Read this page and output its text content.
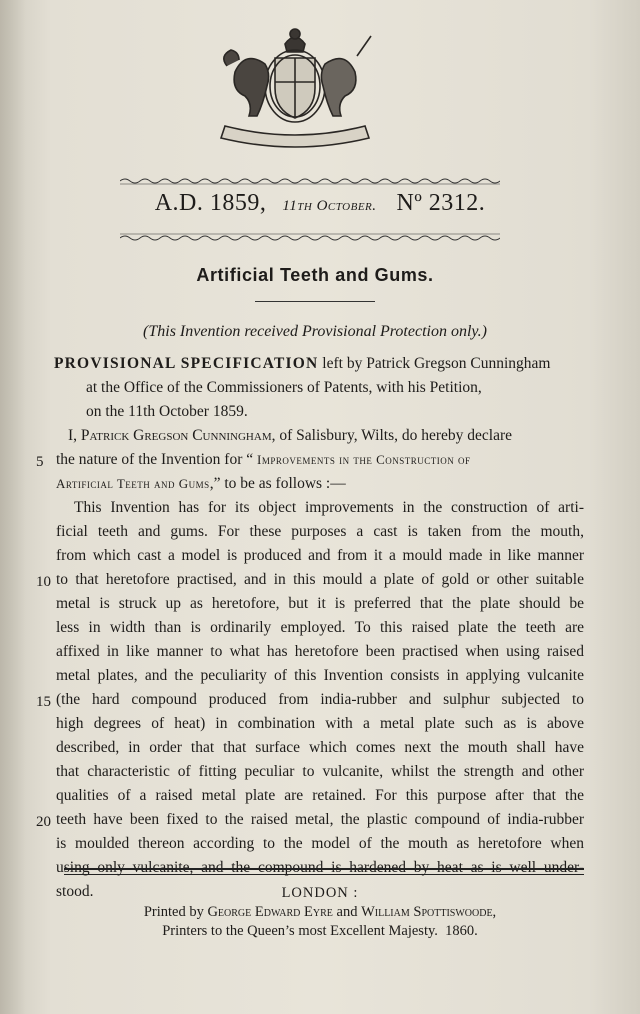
A.D. 1859, 11th October. Nº 2312.
Artificial Teeth and Gums.
(This Invention received Provisional Protection only.)
PROVISIONAL SPECIFICATION left by Patrick Gregson Cunningham
at the Office of the Commissioners of Patents, with his Petition,
on the 11th October 1859.
I, Patrick Gregson Cunningham, of Salisbury, Wilts, do hereby declare
the nature of the Invention for “ Improvements in the Construction of
Artificial Teeth and Gums,” to be as follows :—
This Invention has for its object improvements in the construction of arti-
ficial teeth and gums. For these purposes a cast is taken from the mouth,
from which cast a model is produced and from it a mould made in like manner
to that heretofore practised, and in this mould a plate of gold or other suitable
metal is struck up as heretofore, but it is preferred that the plate should be
less in width than is ordinarily employed. To this raised plate the teeth are
affixed in like manner to what has heretofore been practised when using raised
metal plates, and the peculiarity of this Invention consists in applying vulcanite
(the hard compound produced from india-rubber and sulphur subjected to
high degrees of heat) in combination with a metal plate such as is above
described, in order that that surface which comes next the mouth shall have
that characteristic of fitting peculiar to vulcanite, whilst the strength and other
qualities of a raised metal plate are retained. For this purpose after that the
teeth have been fixed to the raised metal, the plastic compound of india-rubber
is moulded thereon according to the model of the mouth as heretofore when
using only vulcanite, and the compound is hardened by heat as is well under-
stood.
5
10
15
20
LONDON :
Printed by George Edward Eyre and William Spottiswoode,
Printers to the Queen’s most Excellent Majesty. 1860.
